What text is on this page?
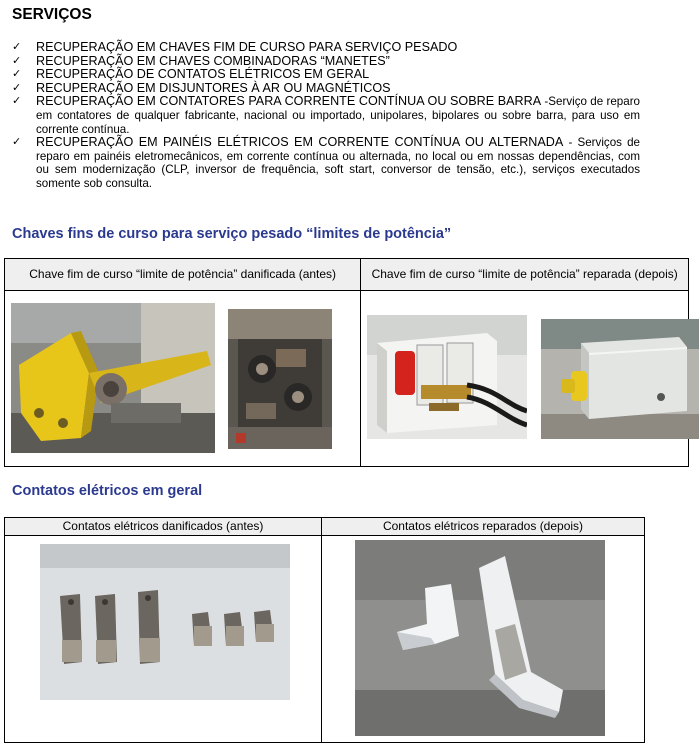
SERVIÇOS
✓ RECUPERAÇÃO EM CHAVES FIM DE CURSO PARA SERVIÇO PESADO
✓ RECUPERAÇÃO EM CHAVES COMBINADORAS “MANETES”
✓ RECUPERAÇÃO DE CONTATOS ELÉTRICOS EM GERAL
✓ RECUPERAÇÃO EM DISJUNTORES À AR OU MAGNÉTICOS
✓ RECUPERAÇÃO EM CONTATORES PARA CORRENTE CONTÍNUA OU SOBRE BARRA -Serviço de reparo em contatores de qualquer fabricante, nacional ou importado, unipolares, bipolares ou sobre barra, para uso em corrente contínua.
✓ RECUPERAÇÃO EM PAINÉIS ELÉTRICOS EM CORRENTE CONTÍNUA OU ALTERNADA - Serviços de reparo em painéis eletromecânicos, em corrente contínua ou alternada, no local ou em nossas dependências, com ou sem modernização (CLP, inversor de frequência, soft start, conversor de tensão, etc.), serviços executados somente sob consulta.
Chaves fins de curso para serviço pesado “limites de potência”
Chave fim de curso “limite de potência” danificada (antes)	Chave fim de curso “limite de potência” reparada (depois)

Contatos elétricos em geral
Contatos elétricos danificados (antes)	Contatos elétricos reparados (depois)
